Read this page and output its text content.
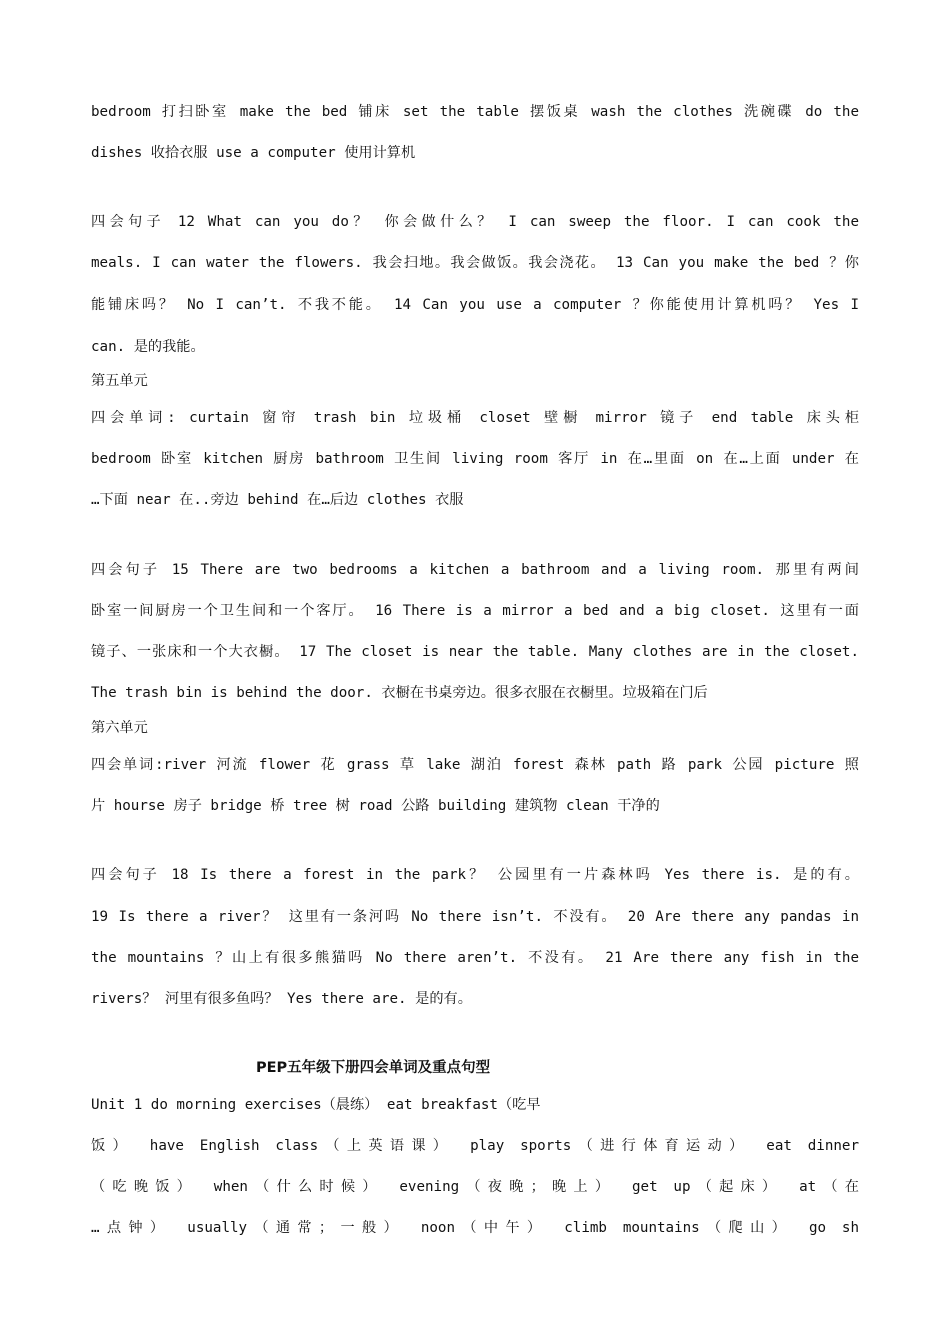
bedroom 打扫卧室 make the bed 铺床 set the table 摆饭桌 wash the clothes 洗碗碟 do the
dishes 收拾衣服 use a computer 使用计算机
四会句子 12 What can you do？ 你会做什么？ I can sweep the floor. I can cook the
meals. I can water the flowers. 我会扫地。我会做饭。我会浇花。 13 Can you make the bed ？你
能铺床吗？ No I can’t. 不我不能。 14 Can you use a computer ？你能使用计算机吗？ Yes I
can. 是的我能。
第五单元
四会单词: curtain 窗帘 trash bin 垃圾桶 closet 壁橱 mirror 镜子 end table 床头柜
bedroom 卧室 kitchen 厨房 bathroom 卫生间 living room 客厅 in 在…里面 on 在…上面 under 在
…下面 near 在..旁边 behind 在…后边 clothes 衣服
四会句子 15 There are two bedrooms a kitchen a bathroom and a living room. 那里有两间
卧室一间厨房一个卫生间和一个客厅。 16 There is a mirror a bed and a big closet. 这里有一面
镜子、一张床和一个大衣橱。 17 The closet is near the table. Many clothes are in the closet.
The trash bin is behind the door. 衣橱在书桌旁边。很多衣服在衣橱里。垃圾箱在门后
第六单元
四会单词:river 河流 flower 花 grass 草 lake 湖泊 forest 森林 path 路 park 公园 picture 照
片 hourse 房子 bridge 桥 tree 树 road 公路 building 建筑物 clean 干净的
四会句子 18 Is there a forest in the park？ 公园里有一片森林吗 Yes there is. 是的有。
19 Is there a river？ 这里有一条河吗 No there isn’t. 不没有。 20 Are there any pandas in
the mountains ？山上有很多熊猫吗 No there aren’t. 不没有。 21 Are there any fish in the
rivers？ 河里有很多鱼吗？ Yes there are. 是的有。
PEP五年级下册四会单词及重点句型
Unit 1 do morning exercises（晨练） eat breakfast（吃早
饭） have English class（上英语课） play sports（进行体育运动） eat dinner
（吃晚饭） when（什么时候） evening（夜晚；晚上） get up（起床） at（在
…点钟） usually（通常；一般） noon（中午） climb mountains（爬山） go sh
